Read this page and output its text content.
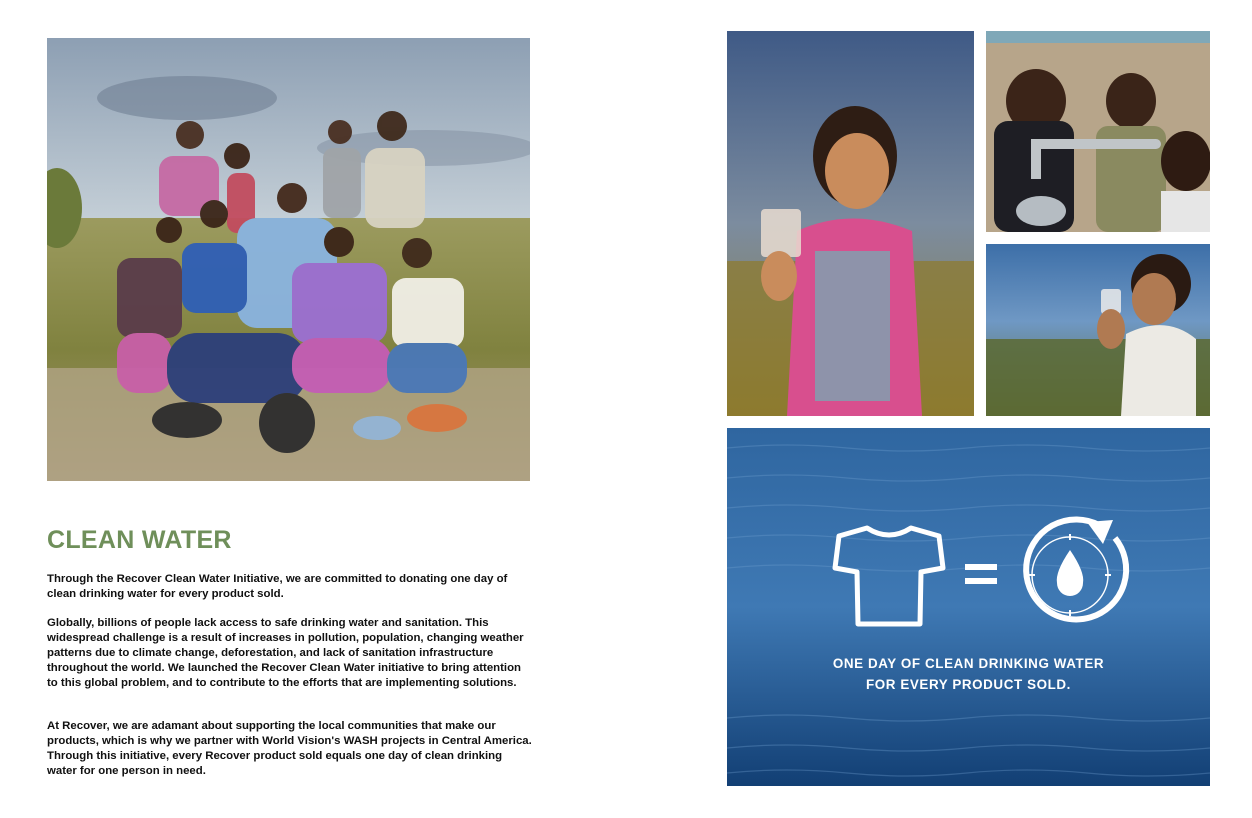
CLEAN WATER

Through the Recover Clean Water Initiative, we are committed to donating one day of clean drinking water for every product sold.

Globally, billions of people lack access to safe drinking water and sanitation. This widespread challenge is a result of increases in pollution, population, changing weather patterns due to climate change, deforestation, and lack of sanitation infrastructure throughout the world. We launched the Recover Clean Water initiative to bring attention to this global problem, and to contribute to the efforts that are implementing solutions.

At Recover, we are adamant about supporting the local communities that make our products, which is why we partner with World Vision's WASH projects in Central America. Through this initiative, every Recover product sold equals one day of clean drinking water for one person in need.

ONE DAY OF CLEAN DRINKING WATER
FOR EVERY PRODUCT SOLD.
